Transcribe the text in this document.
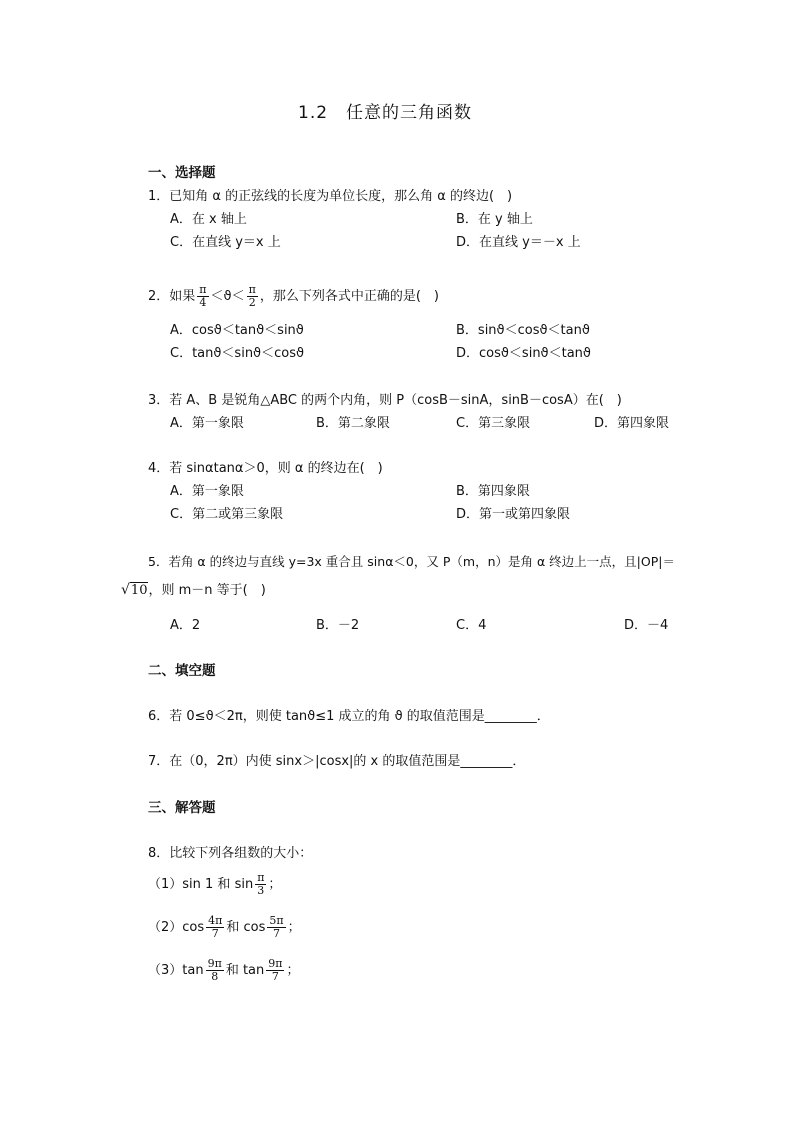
1.2　任意的三角函数
一、选择题
1．已知角 α 的正弦线的长度为单位长度，那么角 α 的终边(　)
A．在 x 轴上	B．在 y 轴上
C．在直线 y＝x 上	D．在直线 y＝－x 上
2．如果 $\frac{\pi}{4} <ϑ< \frac{\pi}{2}$ ，那么下列各式中正确的是(　)
A．cosϑ＜tanϑ＜sinϑ	B．sinϑ＜cosϑ＜tanϑ
C．tanϑ＜sinϑ＜cosϑ	D．cosϑ＜sinϑ＜tanϑ
3．若 A、B 是锐角△ABC 的两个内角，则 P（cosB－sinA，sinB－cosA）在(　)
A．第一象限	B．第二象限	C．第三象限	D．第四象限
4．若 sinαtanα＞0，则 α 的终边在(　)
A．第一象限	B．第四象限
C．第二或第三象限	D．第一或第四象限
5．若角 α 的终边与直线 y=3x 重合且 sinα＜0，又 P（m，n）是角 α 终边上一点，且|OP|＝
√ 10 ，则 m－n 等于(　)
A．2	B．－2	C．4	D．－4
二、填空题
6．若 0≤ϑ＜2π，则使 tanϑ≤1 成立的角 ϑ 的取值范围是________．
7．在（0，2π）内使 sinx＞|cosx|的 x 的取值范围是________．
三、解答题
8．比较下列各组数的大小：
（1）sin 1 和 $\sin \frac{\pi}{3}$ ；
$(2)\cos \frac{4\pi}{7}$ 和 $\cos \frac{5\pi}{7}$ ；
$(3)\tan \frac{9\pi}{8}$ 和 $\tan \frac{9\pi}{7}$ ；
